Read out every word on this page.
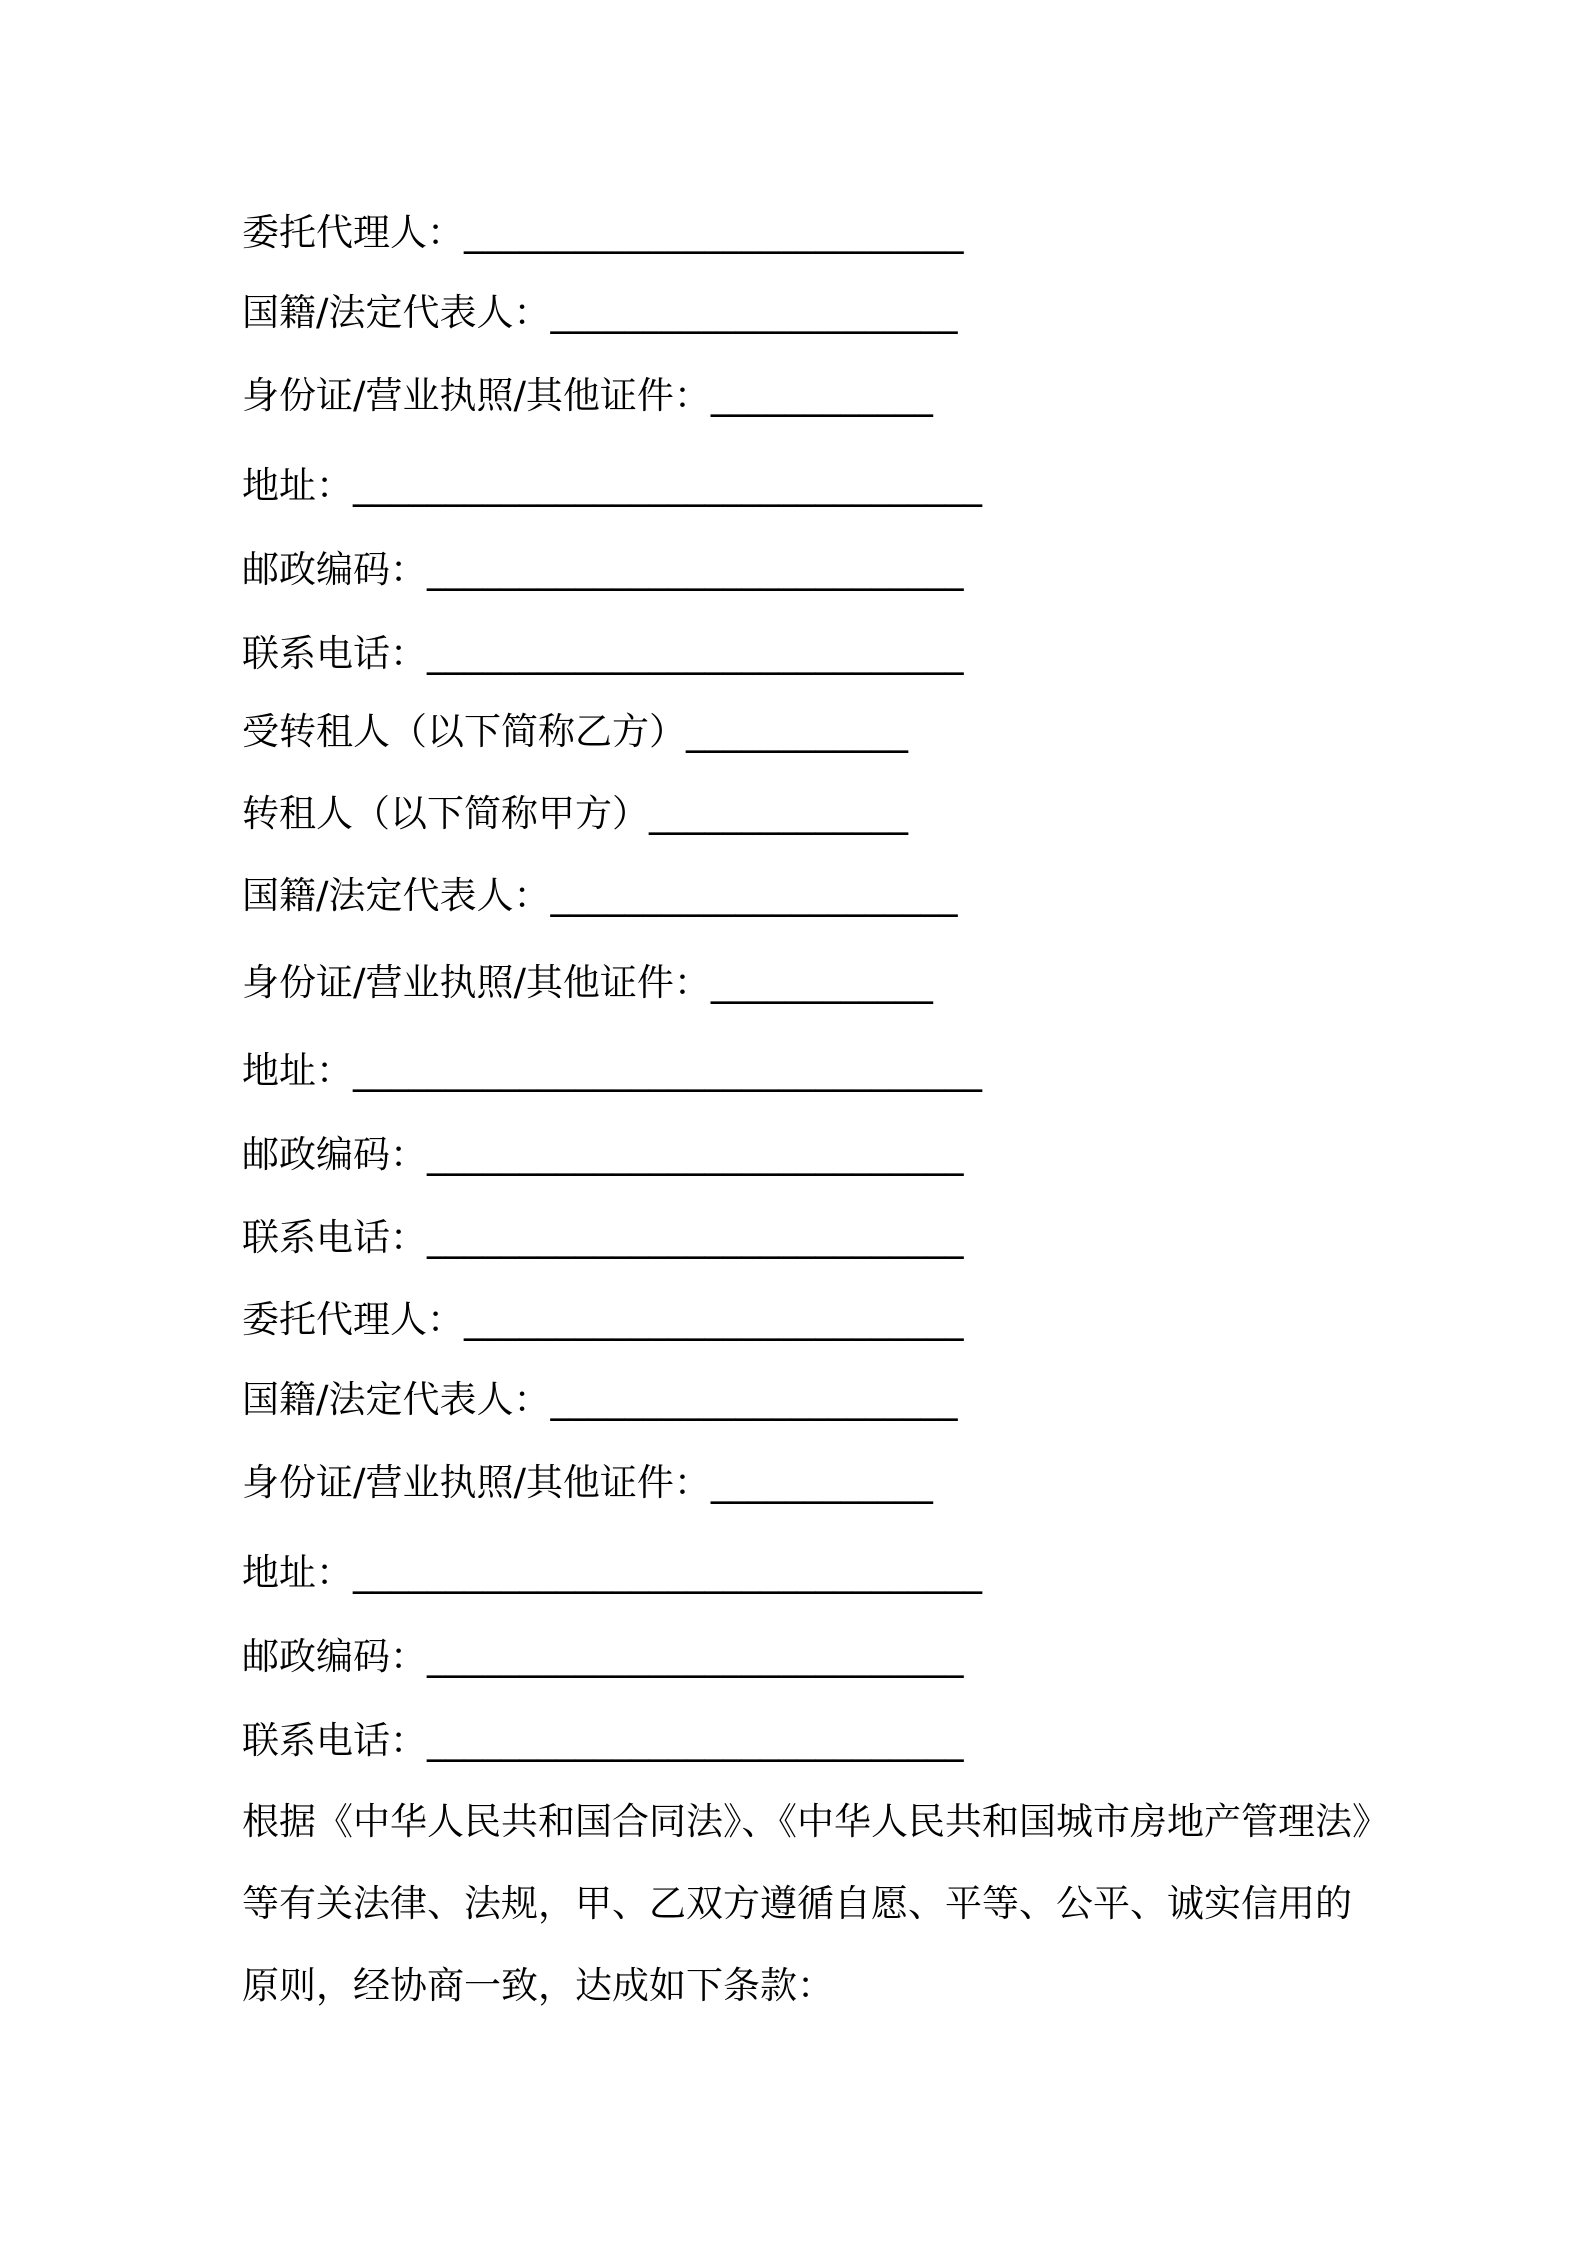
委托代理人：___________________________
国籍/法定代表人：______________________
身份证/营业执照/其他证件：____________
地址：__________________________________
邮政编码：_____________________________
联系电话：_____________________________
受转租人（以下简称乙方）____________
转租人（以下简称甲方）______________
国籍/法定代表人：______________________
身份证/营业执照/其他证件：____________
地址：__________________________________
邮政编码：_____________________________
联系电话：_____________________________
委托代理人：___________________________
国籍/法定代表人：______________________
身份证/营业执照/其他证件：____________
地址：__________________________________
邮政编码：_____________________________
联系电话：_____________________________
根据《中华人民共和国合同法》、《中华人民共和国城市房地产管理法》
等有关法律、法规，甲、乙双方遵循自愿、平等、公平、诚实信用的
原则，经协商一致，达成如下条款：
